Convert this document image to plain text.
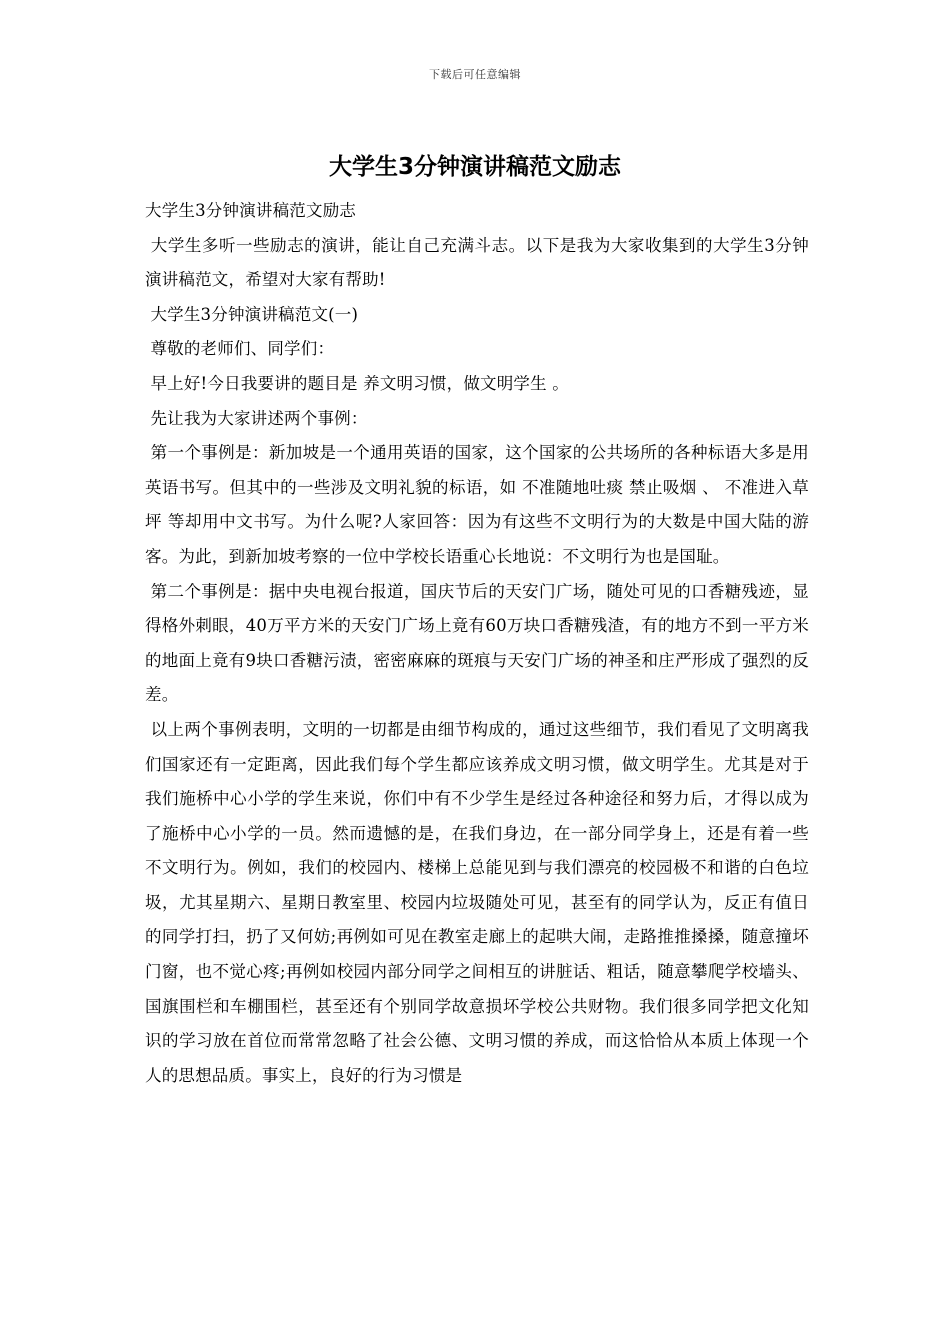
下载后可任意编辑
大学生3分钟演讲稿范文励志

大学生3分钟演讲稿范文励志

大学生多听一些励志的演讲，能让自己充满斗志。以下是我为大家收集到的大学生3分钟演讲稿范文，希望对大家有帮助!

大学生3分钟演讲稿范文(一)

尊敬的老师们、同学们：

早上好!今日我要讲的题目是 养文明习惯，做文明学生 。

先让我为大家讲述两个事例：

第一个事例是：新加坡是一个通用英语的国家，这个国家的公共场所的各种标语大多是用英语书写。但其中的一些涉及文明礼貌的标语，如 不准随地吐痰 禁止吸烟 、 不准进入草坪 等却用中文书写。为什么呢?人家回答：因为有这些不文明行为的大数是中国大陆的游客。为此，到新加坡考察的一位中学校长语重心长地说：不文明行为也是国耻。

第二个事例是：据中央电视台报道，国庆节后的天安门广场，随处可见的口香糖残迹，显得格外刺眼，40万平方米的天安门广场上竟有60万块口香糖残渣，有的地方不到一平方米的地面上竟有9块口香糖污渍，密密麻麻的斑痕与天安门广场的神圣和庄严形成了强烈的反差。

以上两个事例表明，文明的一切都是由细节构成的，通过这些细节，我们看见了文明离我们国家还有一定距离，因此我们每个学生都应该养成文明习惯，做文明学生。尤其是对于我们施桥中心小学的学生来说，你们中有不少学生是经过各种途径和努力后，才得以成为了施桥中心小学的一员。然而遗憾的是，在我们身边，在一部分同学身上，还是有着一些不文明行为。例如，我们的校园内、楼梯上总能见到与我们漂亮的校园极不和谐的白色垃圾，尤其星期六、星期日教室里、校园内垃圾随处可见，甚至有的同学认为，反正有值日的同学打扫，扔了又何妨;再例如可见在教室走廊上的起哄大闹，走路推推搡搡，随意撞坏门窗，也不觉心疼;再例如校园内部分同学之间相互的讲脏话、粗话，随意攀爬学校墙头、国旗围栏和车棚围栏，甚至还有个别同学故意损坏学校公共财物。我们很多同学把文化知识的学习放在首位而常常忽略了社会公德、文明习惯的养成，而这恰恰从本质上体现一个人的思想品质。事实上，良好的行为习惯是
